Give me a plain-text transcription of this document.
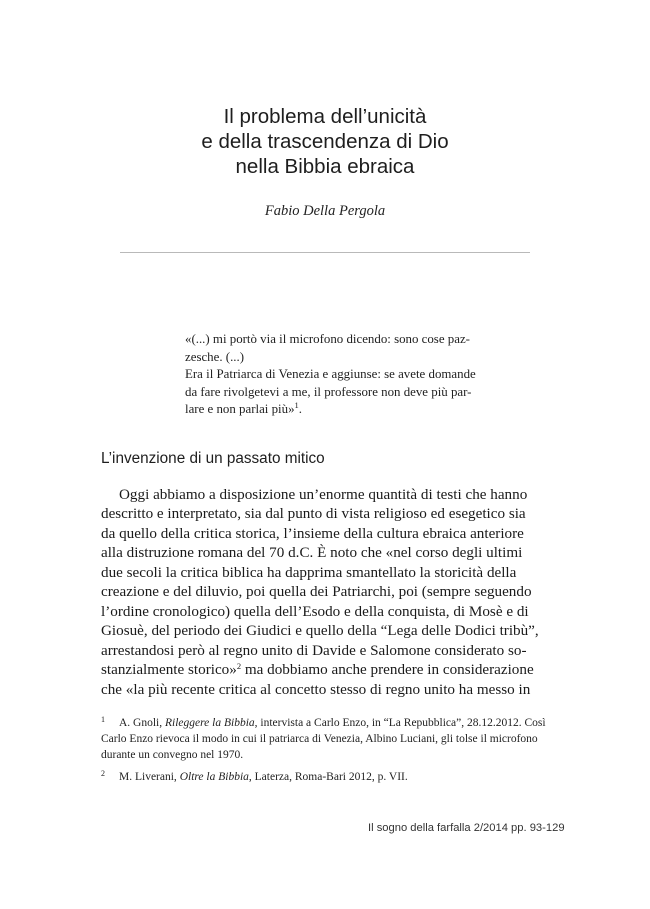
Il problema dell’unicità
e della trascendenza di Dio
nella Bibbia ebraica
Fabio Della Pergola
«(...) mi portò via il microfono dicendo: sono cose paz-
zesche. (...)
Era il Patriarca di Venezia e aggiunse: se avete domande
da fare rivolgetevi a me, il professore non deve più par-
lare e non parlai più»$^1$.
L’invenzione di un passato mitico
Oggi abbiamo a disposizione un’enorme quantità di testi che hanno
descritto e interpretato, sia dal punto di vista religioso ed esegetico sia
da quello della critica storica, l’insieme della cultura ebraica anteriore
alla distruzione romana del 70 d.C. È noto che «nel corso degli ultimi
due secoli la critica biblica ha dapprima smantellato la storicità della
creazione e del diluvio, poi quella dei Patriarchi, poi (sempre seguendo
l’ordine cronologico) quella dell’Esodo e della conquista, di Mosè e di
Giosuè, del periodo dei Giudici e quello della “Lega delle Dodici tribù”,
arrestandosi però al regno unito di Davide e Salomone considerato so-
stanzialmente storico»$^2$ ma dobbiamo anche prendere in considerazione
che «la più recente critica al concetto stesso di regno unito ha messo in
1 A. Gnoli, Rileggere la Bibbia, intervista a Carlo Enzo, in “La Repubblica”, 28.12.2012. Così
Carlo Enzo rievoca il modo in cui il patriarca di Venezia, Albino Luciani, gli tolse il microfono
durante un convegno nel 1970.
2 M. Liverani, Oltre la Bibbia, Laterza, Roma-Bari 2012, p. VII.
Il sogno della farfalla 2/2014 pp. 93-129
